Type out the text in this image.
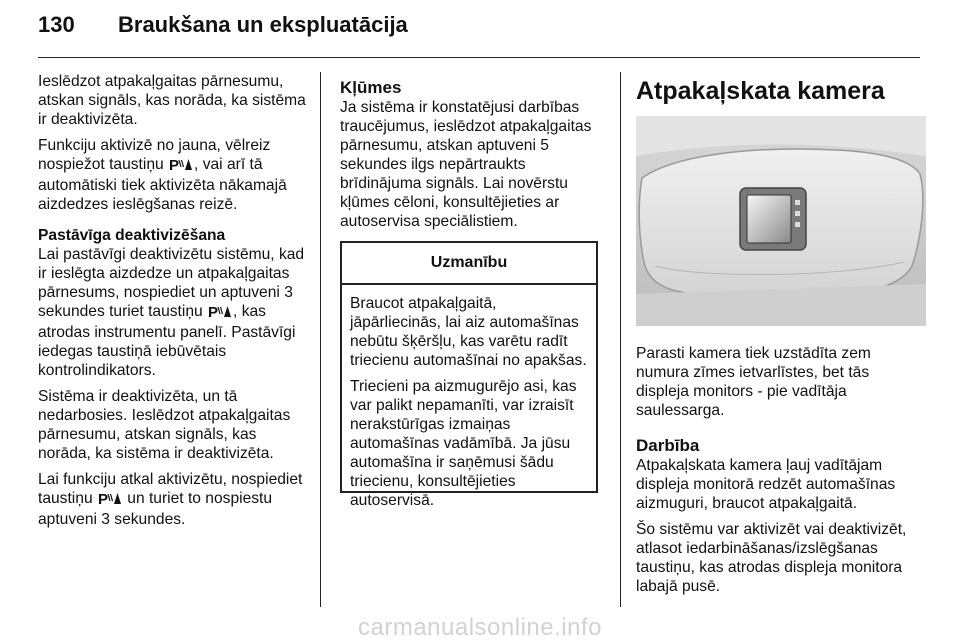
130	Braukšana un ekspluatācija

Ieslēdzot atpakaļgaitas pārnesumu, atskan signāls, kas norāda, ka sistēma ir deaktivizēta.

Funkciju aktivizē no jauna, vēlreiz nospiežot taustiņu P , vai arī tā automātiski tiek aktivizēta nākamajā aizdedzes ieslēgšanas reizē.

Pastāvīga deaktivizēšana

Lai pastāvīgi deaktivizētu sistēmu, kad ir ieslēgta aizdedze un atpakaļgaitas pārnesums, nospiediet un aptuveni 3 sekundes turiet taustiņu P , kas atrodas instrumentu panelī. Pastāvīgi iedegas taustiņā iebūvētais kontrolindikators.

Sistēma ir deaktivizēta, un tā nedarbosies. Ieslēdzot atpakaļgaitas pārnesumu, atskan signāls, kas norāda, ka sistēma ir deaktivizēta.

Lai funkciju atkal aktivizētu, nospiediet taustiņu P un turiet to nospiestu aptuveni 3 sekundes.

Kļūmes

Ja sistēma ir konstatējusi darbības traucējumus, ieslēdzot atpakaļgaitas pārnesumu, atskan aptuveni 5 sekundes ilgs nepārtraukts brīdinājuma signāls. Lai novērstu kļūmes cēloni, konsultējieties ar autoservisa speciālistiem.

Uzmanību

Braucot atpakaļgaitā, jāpārliecinās, lai aiz automašīnas nebūtu šķēršļu, kas varētu radīt triecienu automašīnai no apakšas.

Triecieni pa aizmugurējo asi, kas var palikt nepamanīti, var izraisīt nerakstūrīgas izmaiņas automašīnas vadāmībā. Ja jūsu automašīna ir saņēmusi šādu triecienu, konsultējieties autoservisā.

Atpakaļskata kamera

Parasti kamera tiek uzstādīta zem numura zīmes ietvarlīstes, bet tās displeja monitors - pie vadītāja saulessarga.

Darbība

Atpakaļskata kamera ļauj vadītājam displeja monitorā redzēt automašīnas aizmuguri, braucot atpakaļgaitā.

Šo sistēmu var aktivizēt vai deaktivizēt, atlasot iedarbināšanas/izslēgšanas taustiņu, kas atrodas displeja monitora labajā pusē.

carmanualsonline.info
